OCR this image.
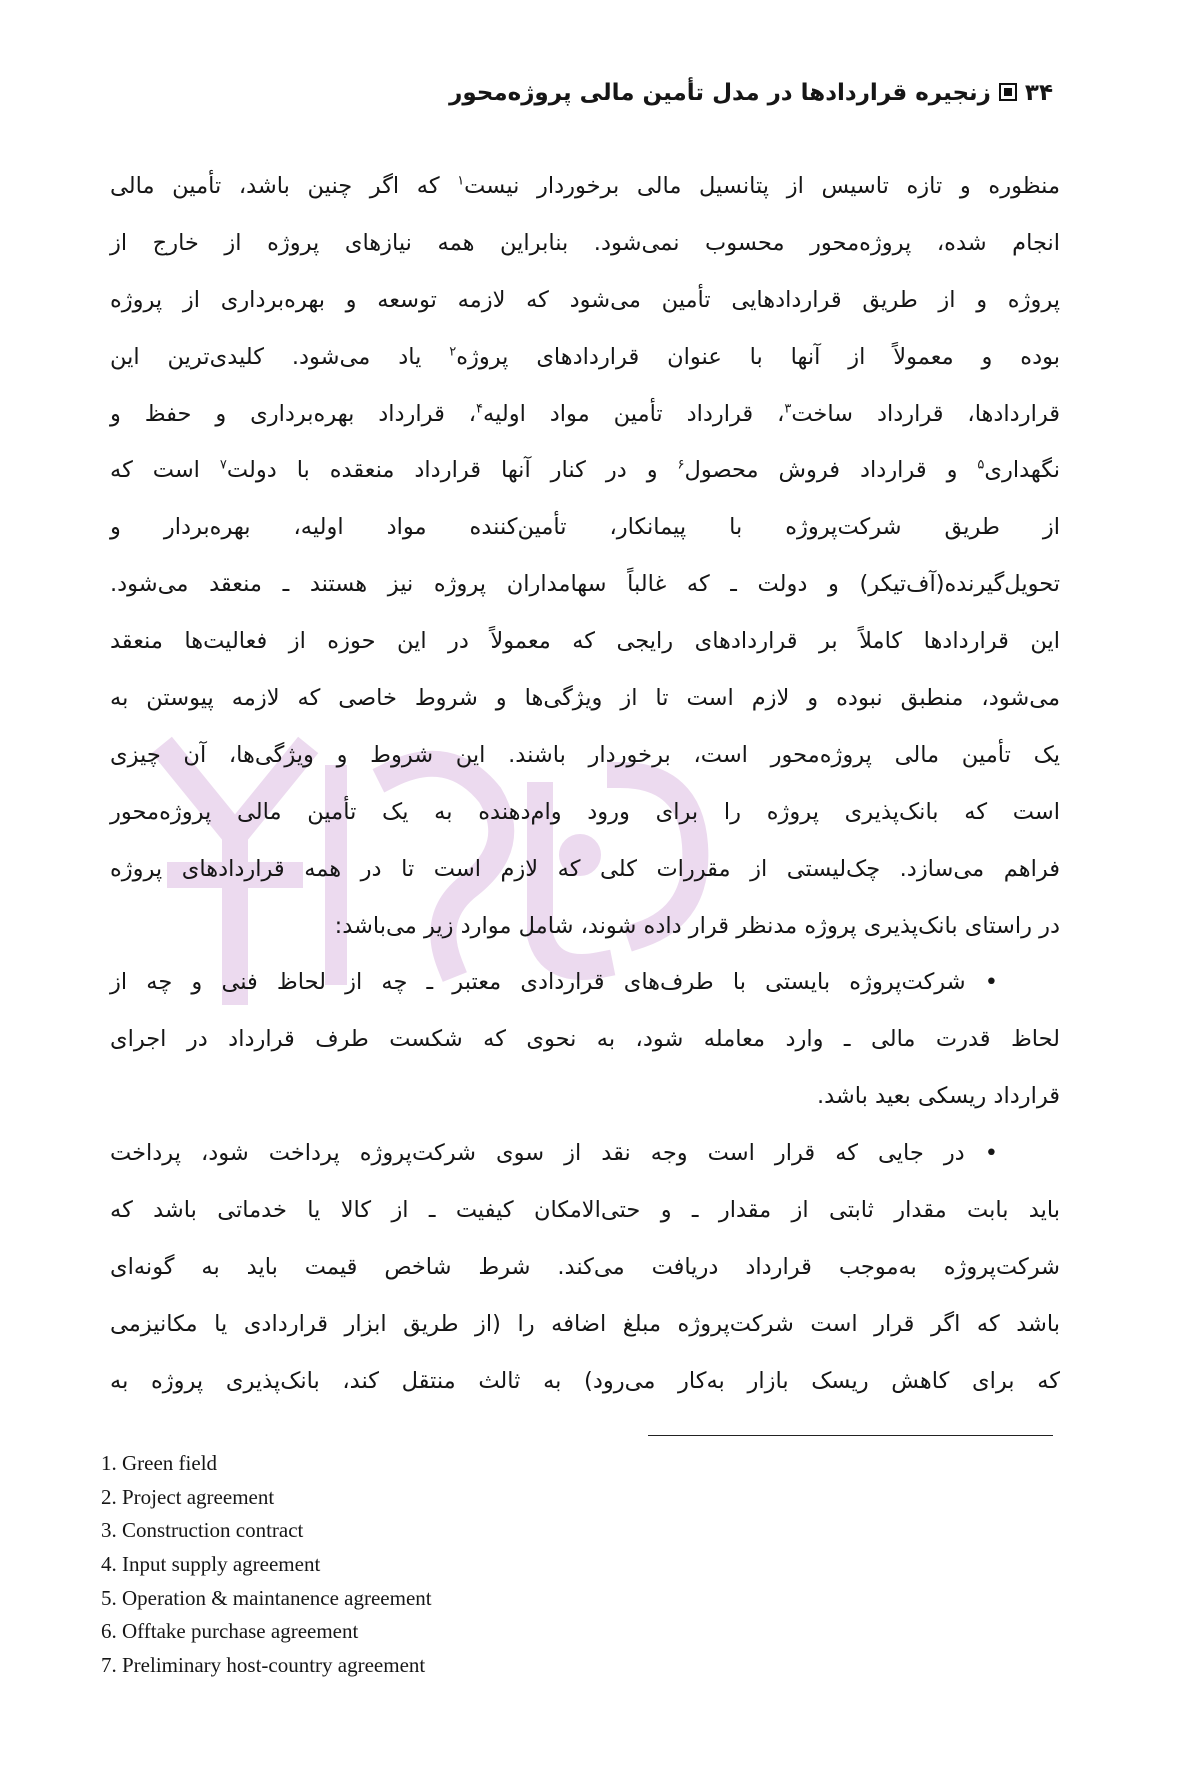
۳۴زنجیره قراردادها در مدل تأمین مالی پروژه‌محور
منظوره و تازه تاسیس از پتانسیل مالی برخوردار نیست$^۱$ که اگر چنین باشد، تأمین مالی
انجام شده، پروژه‌محور محسوب نمی‌شود. بنابراین همه نیازهای پروژه از خارج از
پروژه و از طریق قراردادهایی تأمین می‌شود که لازمه توسعه و بهره‌برداری از پروژه
بوده و معمولاً از آنها با عنوان قراردادهای پروژه$^۲$ یاد می‌شود. کلیدی‌ترین این
قراردادها، قرارداد ساخت$^۳$، قرارداد تأمین مواد اولیه$^۴$، قرارداد بهره‌برداری و حفظ و
نگهداری$^۵$ و قرارداد فروش محصول$^۶$ و در کنار آنها قرارداد منعقده با دولت$^۷$ است که
از طریق شرکت‌پروژه با پیمانکار، تأمین‌کننده مواد اولیه، بهره‌بردار و
تحویل‌گیرنده(آف‌تیکر) و دولت ـ که غالباً سهامداران پروژه نیز هستند ـ منعقد می‌شود.
این قراردادها کاملاً بر قراردادهای رایجی که معمولاً در این حوزه از فعالیت‌ها منعقد
می‌شود، منطبق نبوده و لازم است تا از ویژگی‌ها و شروط خاصی که لازمه پیوستن به
یک تأمین مالی پروژه‌محور است، برخوردار باشند. این شروط و ویژگی‌ها، آن چیزی
است که بانک‌پذیری پروژه را برای ورود وام‌دهنده به یک تأمین مالی پروژه‌محور
فراهم می‌سازد. چک‌لیستی از مقررات کلی که لازم است تا در همه قراردادهای پروژه
در راستای بانک‌پذیری پروژه مدنظر قرار داده شوند، شامل موارد زیر می‌باشد:
• شرکت‌پروژه بایستی با طرف‌های قراردادی معتبر ـ چه از لحاظ فنی و چه از
لحاظ قدرت مالی ـ وارد معامله شود، به نحوی که شکست طرف قرارداد در اجرای
قرارداد ریسکی بعید باشد.
• در جایی که قرار است وجه نقد از سوی شرکت‌پروژه پرداخت شود، پرداخت
باید بابت مقدار ثابتی از مقدار ـ و حتی‌الامکان کیفیت ـ از کالا یا خدماتی باشد که
شرکت‌پروژه به‌موجب قرارداد دریافت می‌کند. شرط شاخص قیمت باید به گونه‌ای
باشد که اگر قرار است شرکت‌پروژه مبلغ اضافه را (از طریق ابزار قراردادی یا مکانیزمی
که برای کاهش ریسک بازار به‌کار می‌رود) به ثالث منتقل کند، بانک‌پذیری پروژه به
1. Green field
2. Project agreement
3. Construction contract
4. Input supply agreement
5. Operation & maintanence agreement
6. Offtake purchase agreement
7. Preliminary host-country agreement
